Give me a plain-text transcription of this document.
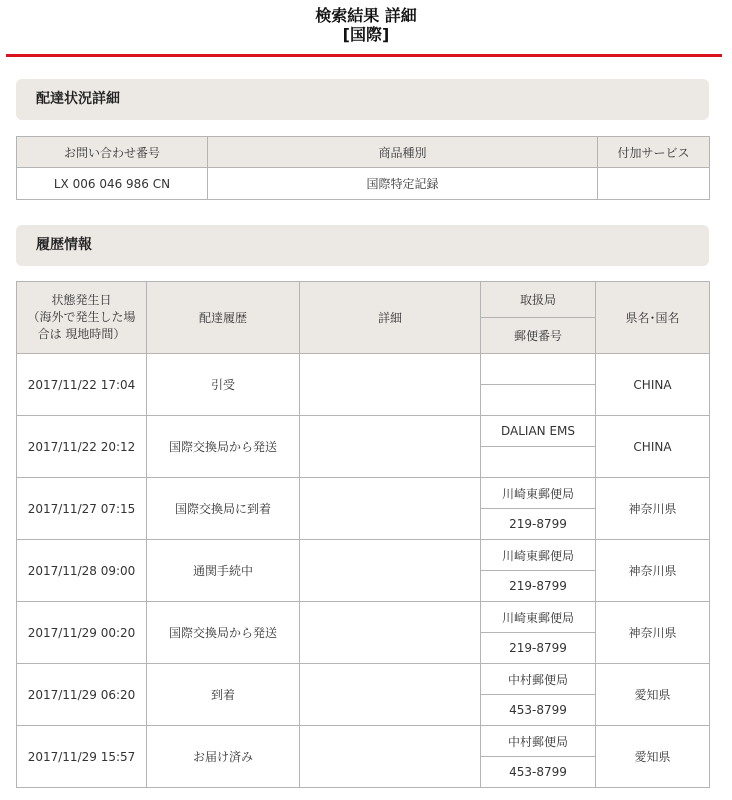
検索結果 詳細
[国際]
配達状況詳細
お問い合わせ番号	商品種別	付加サービス
LX 006 046 986 CN	国際特定記録	
履歴情報
状態発生日
（海外で発生した場
合は 現地時間）	配達履歴	詳細	取扱局	県名･国名
			郵便番号	
2017/11/22 17:04	引受			CHINA

2017/11/22 20:12	国際交換局から発送		DALIAN EMS	CHINA

2017/11/27 07:15	国際交換局に到着		川崎東郵便局	神奈川県
			219-8799	
2017/11/28 09:00	通関手続中		川崎東郵便局	神奈川県
			219-8799	
2017/11/29 00:20	国際交換局から発送		川崎東郵便局	神奈川県
			219-8799	
2017/11/29 06:20	到着		中村郵便局	愛知県
			453-8799	
2017/11/29 15:57	お届け済み		中村郵便局	愛知県
			453-8799	
